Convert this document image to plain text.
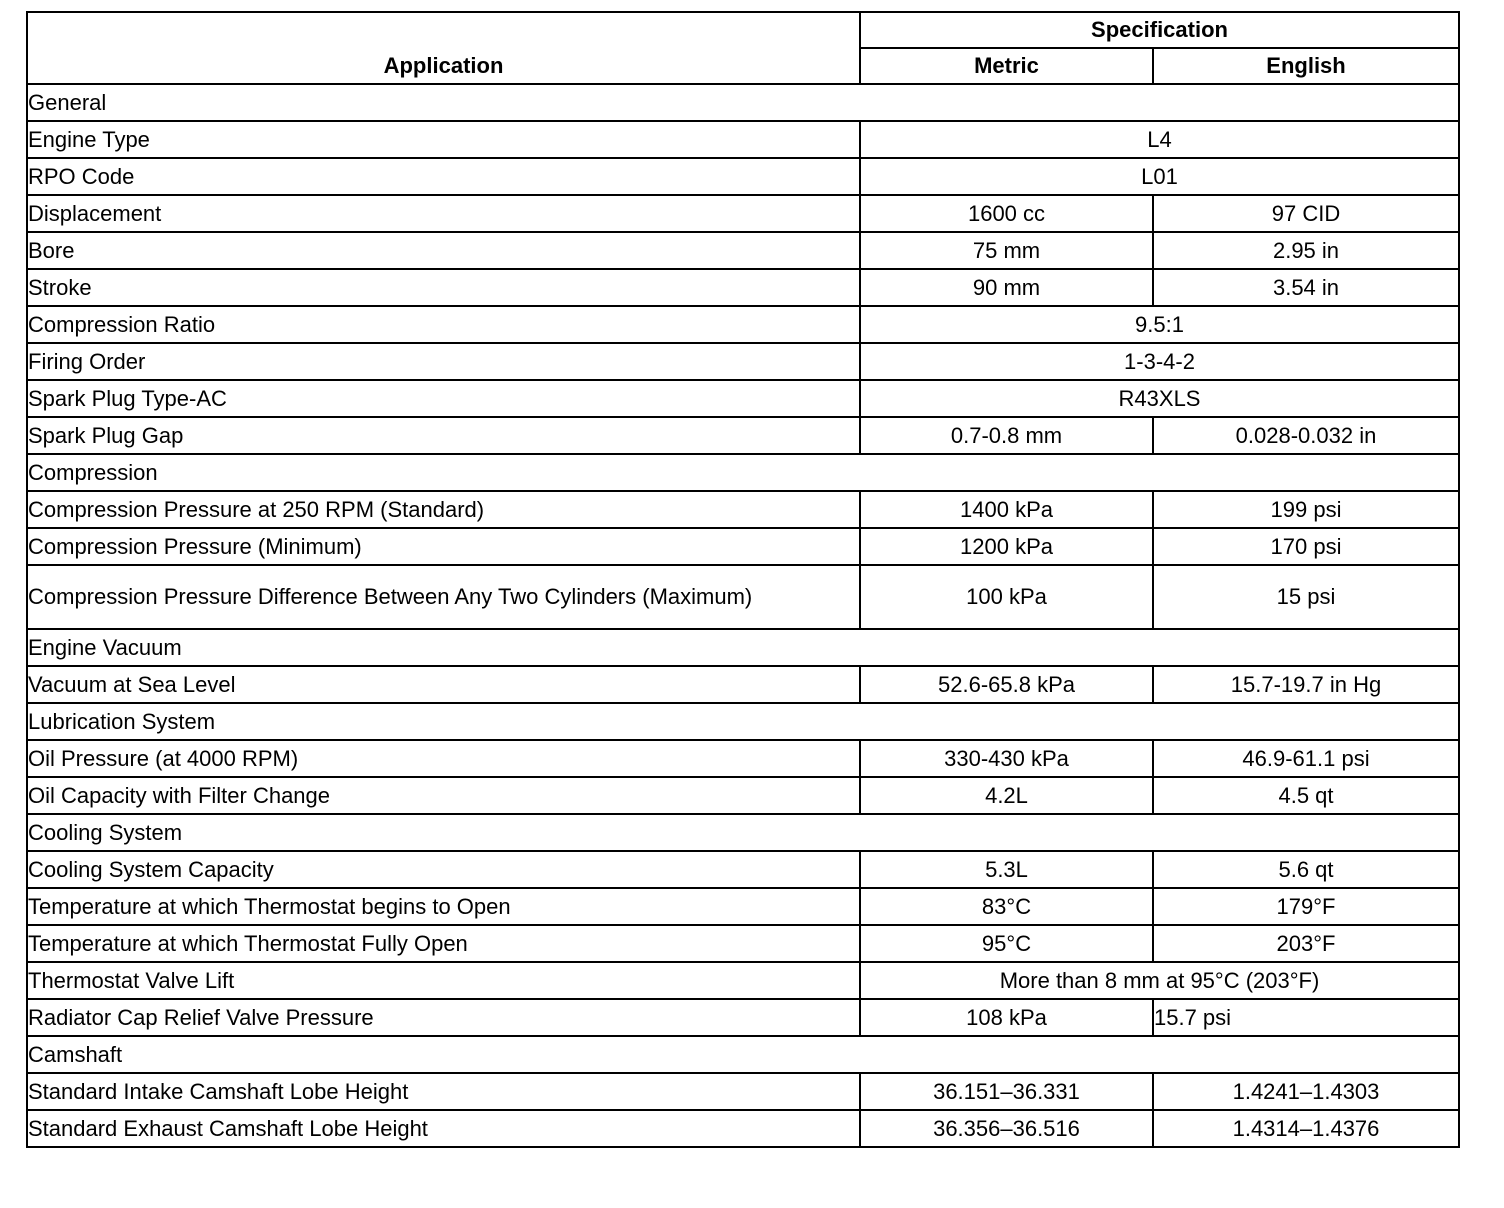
Application	Specification	
	Metric	English
General		
Engine Type	L4	
RPO Code	L01	
Displacement	1600 cc	97 CID
Bore	75 mm	2.95 in
Stroke	90 mm	3.54 in
Compression Ratio	9.5:1	
Firing Order	1-3-4-2	
Spark Plug Type-AC	R43XLS	
Spark Plug Gap	0.7-0.8 mm	0.028-0.032 in
Compression		
Compression Pressure at 250 RPM (Standard)	1400 kPa	199 psi
Compression Pressure (Minimum)	1200 kPa	170 psi
Compression Pressure Difference Between Any Two Cylinders (Maximum)	100 kPa	15 psi
Engine Vacuum		
Vacuum at Sea Level	52.6-65.8 kPa	15.7-19.7 in Hg
Lubrication System		
Oil Pressure (at 4000 RPM)	330-430 kPa	46.9-61.1 psi
Oil Capacity with Filter Change	4.2L	4.5 qt
Cooling System		
Cooling System Capacity	5.3L	5.6 qt
Temperature at which Thermostat begins to Open	83°C	179°F
Temperature at which Thermostat Fully Open	95°C	203°F
Thermostat Valve Lift	More than 8 mm at 95°C (203°F)	
Radiator Cap Relief Valve Pressure	108 kPa	15.7 psi
Camshaft		
Standard Intake Camshaft Lobe Height	36.151–36.331	1.4241–1.4303
Standard Exhaust Camshaft Lobe Height	36.356–36.516	1.4314–1.4376
